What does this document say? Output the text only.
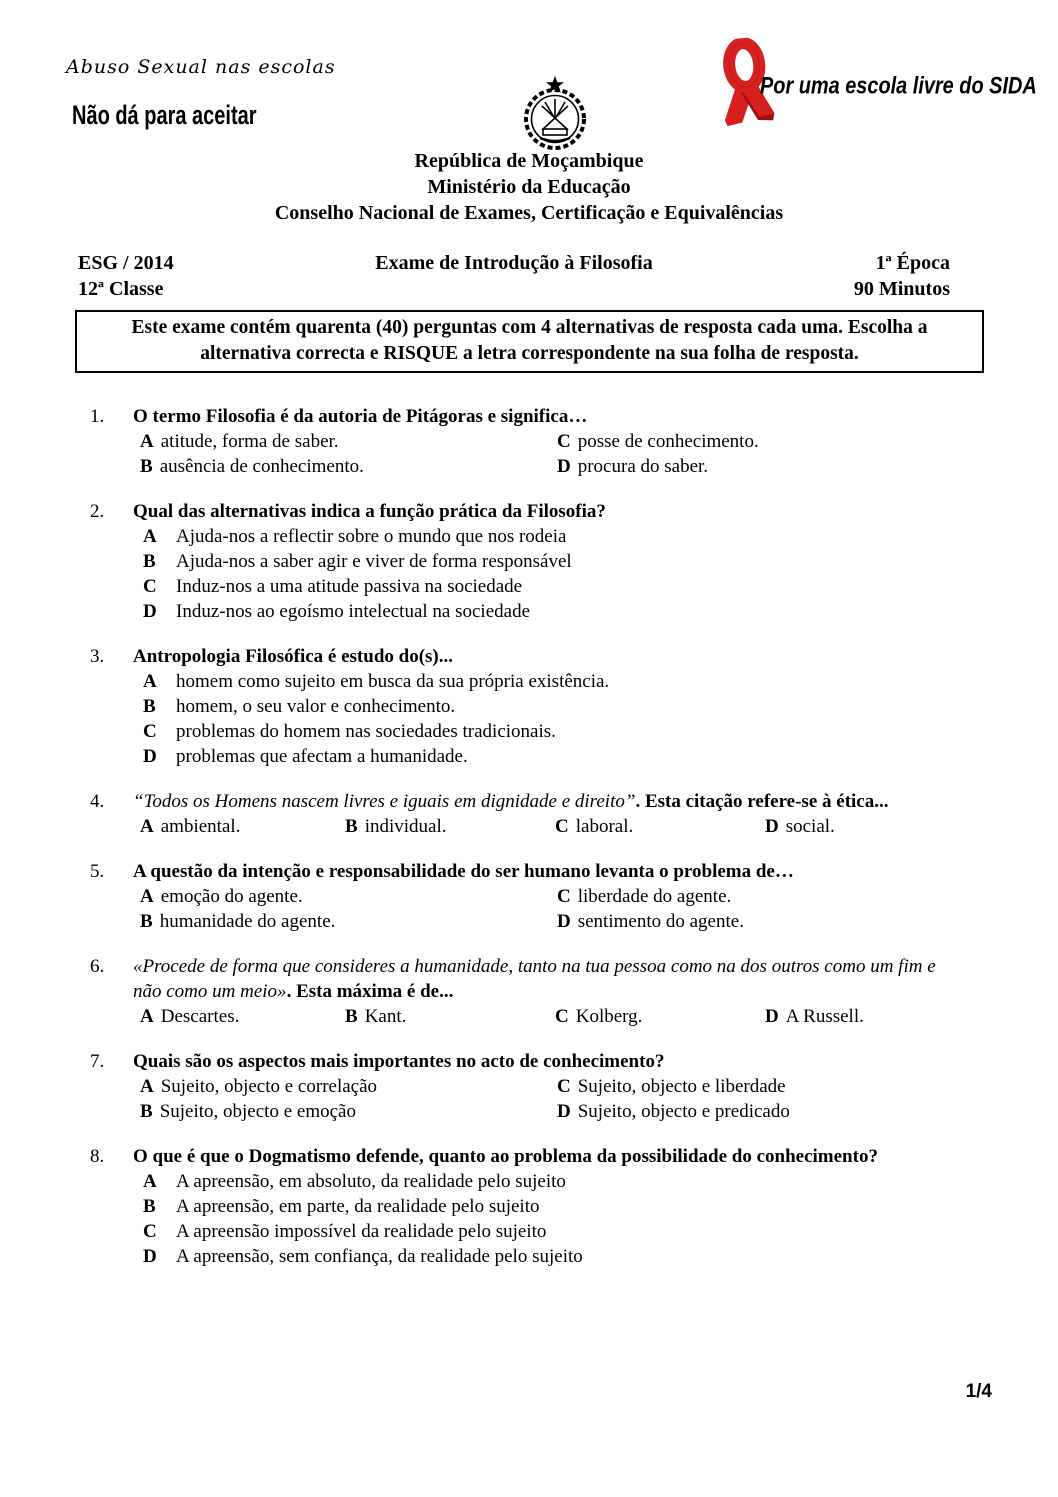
Abuso Sexual nas escolas
Não dá para aceitar
Por uma escola livre do SIDA
República de Moçambique
Ministério da Educação
Conselho Nacional de Exames, Certificação e Equivalências
ESG / 2014
12ª Classe
Exame de Introdução à Filosofia	1ª Época
90 Minutos
Este exame contém quarenta (40) perguntas com 4 alternativas de resposta cada uma. Escolha a alternativa correcta e RISQUE a letra correspondente na sua folha de resposta.
1.	O termo Filosofia é da autoria de Pitágoras e significa…
A atitude, forma de saber.
B ausência de conhecimento.
C posse de conhecimento.
D procura do saber.
2.	Qual das alternativas indica a função prática da Filosofia?
A	Ajuda-nos a reflectir sobre o mundo que nos rodeia
B	Ajuda-nos a saber agir e viver de forma responsável
C	Induz-nos a uma atitude passiva na sociedade
D	Induz-nos ao egoísmo intelectual na sociedade
3.	Antropologia Filosófica é estudo do(s)...
A	homem como sujeito em busca da sua própria existência.
B	homem, o seu valor e conhecimento.
C	problemas do homem nas sociedades tradicionais.
D	problemas que afectam a humanidade.
4.	“Todos os Homens nascem livres e iguais em dignidade e direito”. Esta citação refere-se à ética...
A ambiental.	B individual.	C laboral.	D social.
5.	A questão da intenção e responsabilidade do ser humano levanta o problema de…
A emoção do agente.
B humanidade do agente.
C liberdade do agente.
D sentimento do agente.
6.	«Procede de forma que consideres a humanidade, tanto na tua pessoa como na dos outros como um fim e não como um meio». Esta máxima é de...
A Descartes.	B Kant.	C Kolberg.	D A Russell.
7.	Quais são os aspectos mais importantes no acto de conhecimento?
A Sujeito, objecto e correlação
B Sujeito, objecto e emoção
C Sujeito, objecto e liberdade
D Sujeito, objecto e predicado
8.	O que é que o Dogmatismo defende, quanto ao problema da possibilidade do conhecimento?
A	A apreensão, em absoluto, da realidade pelo sujeito
B	A apreensão, em parte, da realidade pelo sujeito
C	A apreensão impossível da realidade pelo sujeito
D	A apreensão, sem confiança, da realidade pelo sujeito
1/4
